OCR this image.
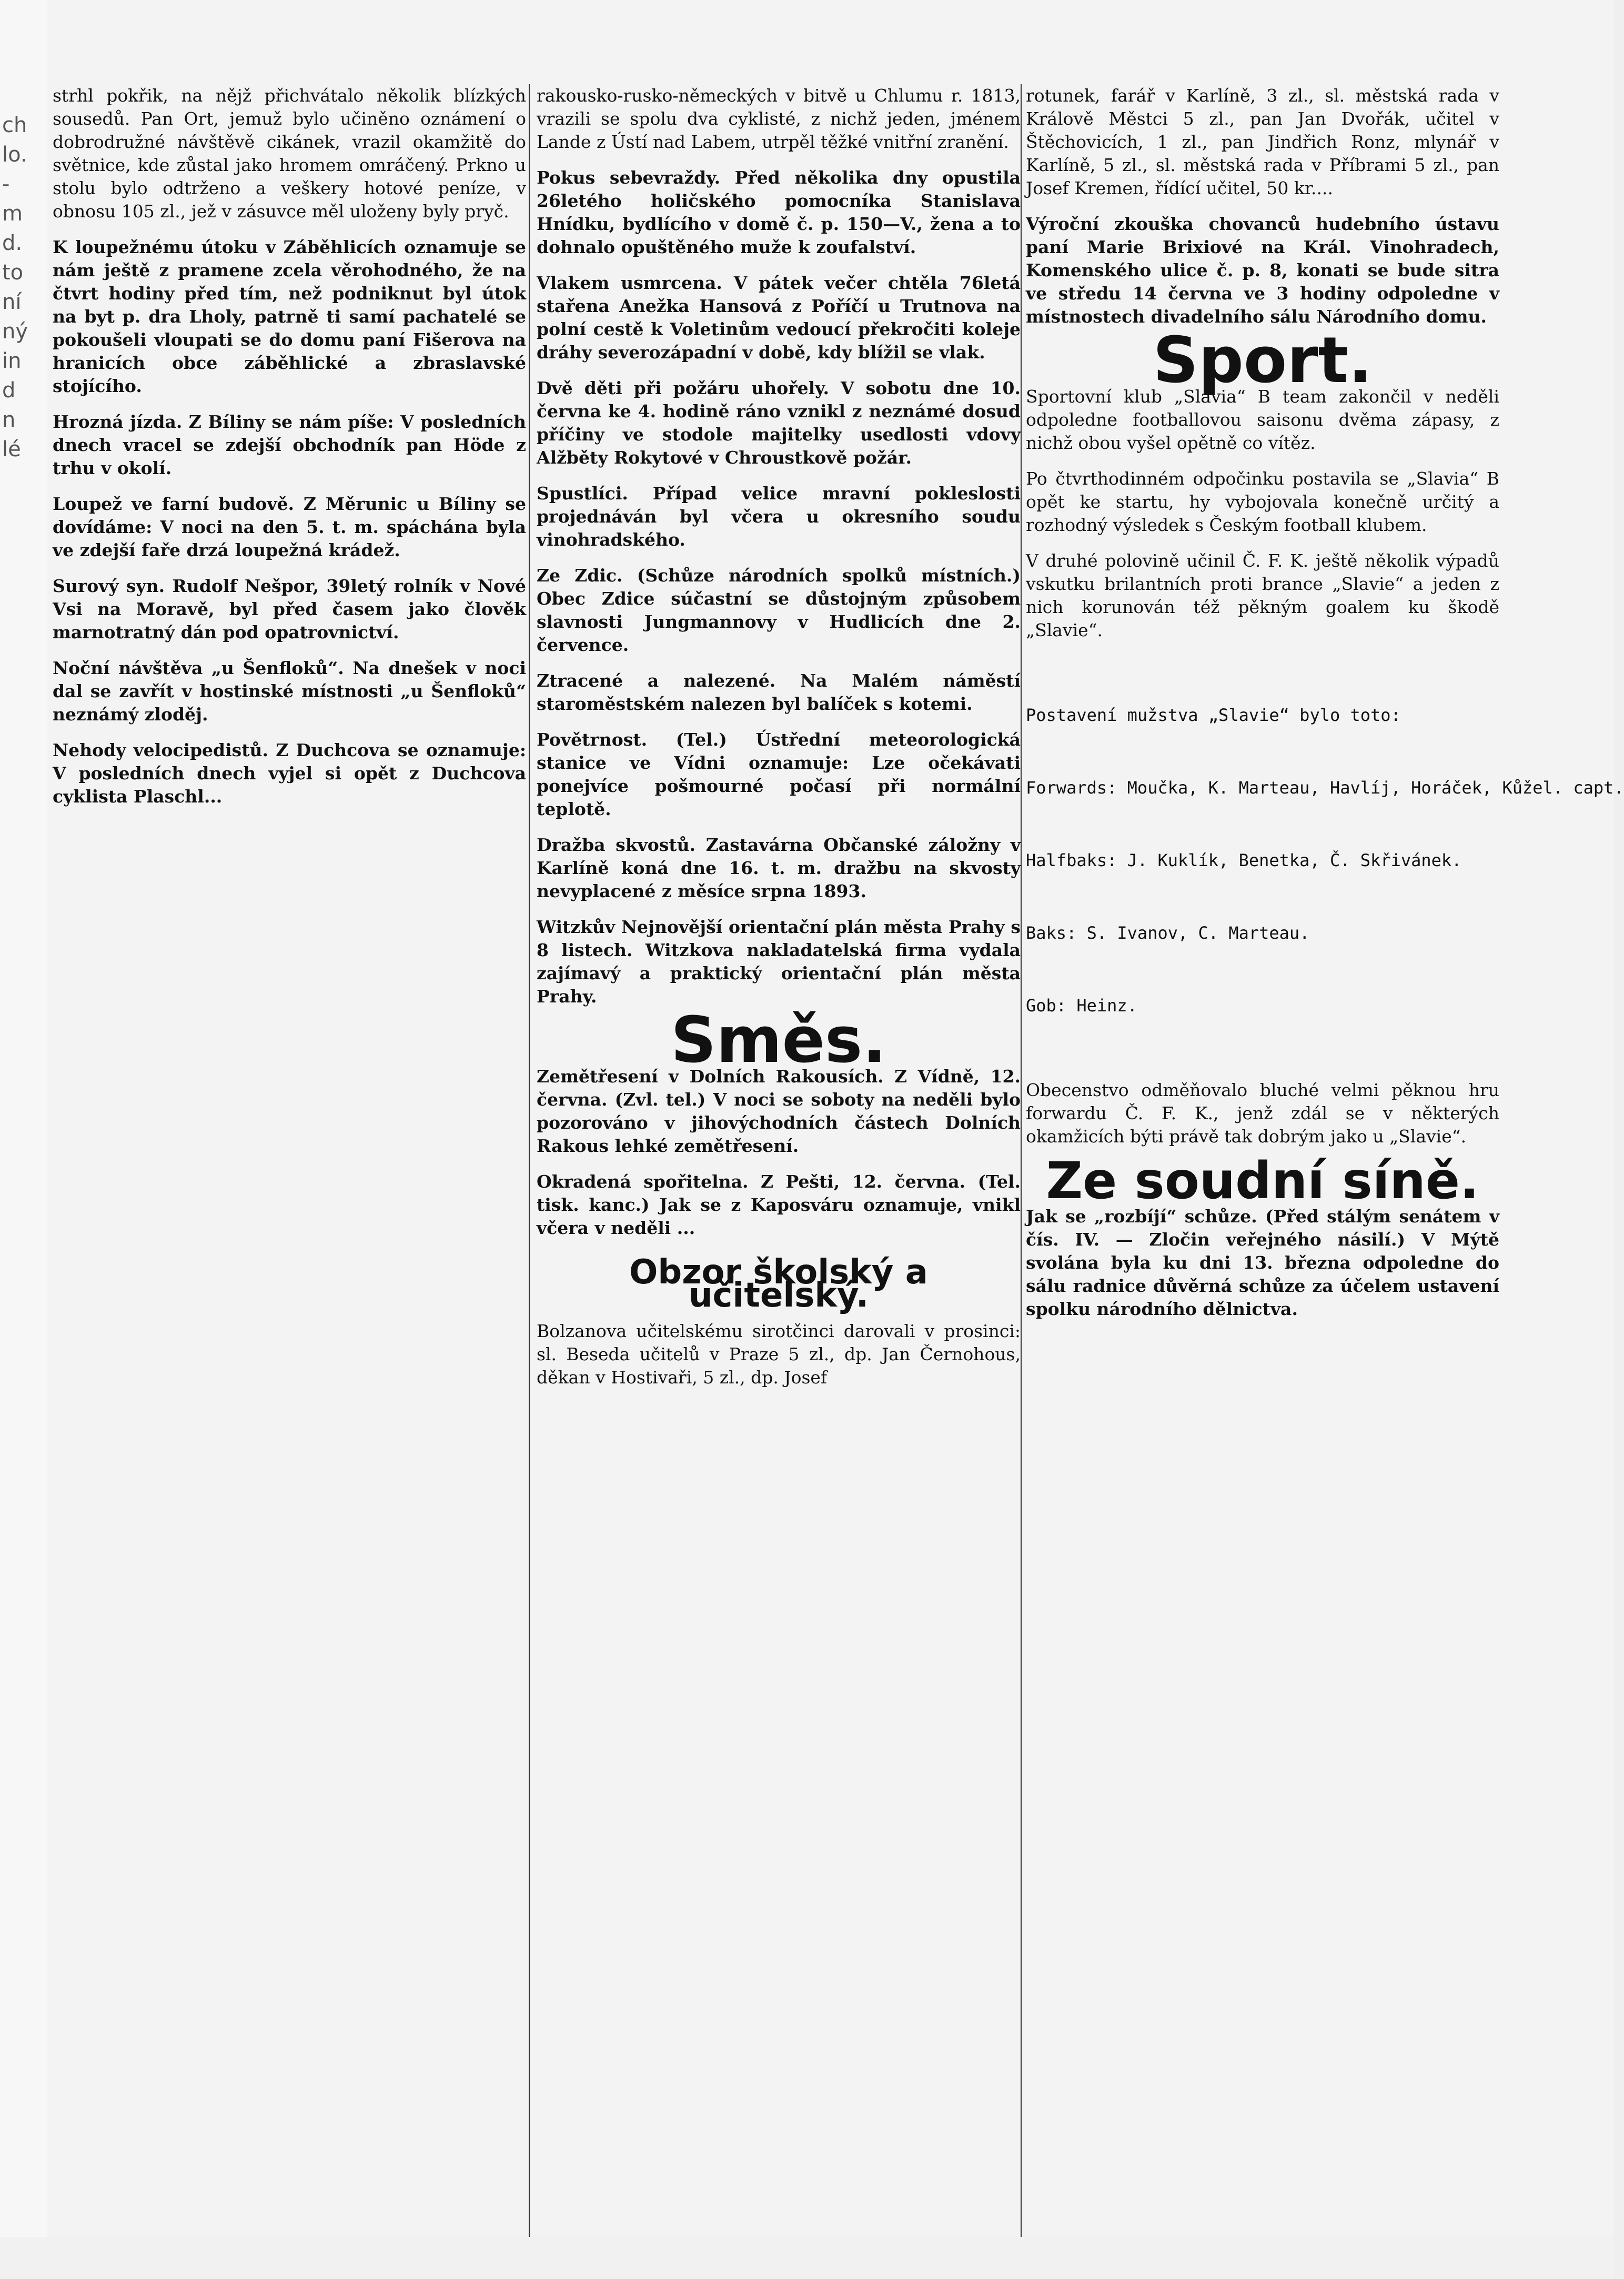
ch
lo.
-
m
d.
to
ní
ný
in
d
n
lé

strhl pokřik, na nějž přichvátalo několik blízkých sousedů. Pan Ort, jemuž bylo učiněno oznámení o dobrodružné návštěvě cikánek, vrazil okamžitě do světnice, kde zůstal jako hromem omráčený. Prkno u stolu bylo odtrženo a veškery hotové peníze, v obnosu 105 zl., jež v zásuvce měl uloženy byly pryč.

K loupežnému útoku v Záběhlicích oznamuje se nám ještě z pramene zcela věrohodného, že na čtvrt hodiny před tím, než podniknut byl útok na byt p. dra Lholy, patrně ti samí pachatelé se pokoušeli vloupati se do domu paní Fišerova na hranicích obce záběhlické a zbraslavské stojícího.

Hrozná jízda. Z Bíliny se nám píše: V posledních dnech vracel se zdejší obchodník pan Höde z trhu v okolí.

Loupež ve farní budově. Z Měrunic u Bíliny se dovídáme: V noci na den 5. t. m. spáchána byla ve zdejší faře drzá loupežná krádež.

Surový syn. Rudolf Nešpor, 39letý rolník v Nové Vsi na Moravě, byl před časem jako člověk marnotratný dán pod opatrovnictví.

Noční návštěva „u Šenfloků“. Na dnešek v noci dal se zavřít v hostinské místnosti „u Šenfloků“ neznámý zloděj.

Nehody velocipedistů. Z Duchcova se oznamuje: V posledních dnech vyjel si opět z Duchcova cyklista Plaschl...

rakousko-rusko-německých v bitvě u Chlumu r. 1813, vrazili se spolu dva cyklisté, z nichž jeden, jménem Lande z Ústí nad Labem, utrpěl těžké vnitřní zranění.

Pokus sebevraždy. Před několika dny opustila 26letého holičského pomocníka Stanislava Hnídku, bydlícího v domě č. p. 150—V., žena a to dohnalo opuštěného muže k zoufalství.

Vlakem usmrcena. V pátek večer chtěla 76letá stařena Anežka Hansová z Poříčí u Trutnova na polní cestě k Voletinům vedoucí překročiti koleje dráhy severozápadní v době, kdy blížil se vlak.

Dvě děti při požáru uhořely. V sobotu dne 10. června ke 4. hodině ráno vznikl z neznámé dosud příčiny ve stodole majitelky usedlosti vdovy Alžběty Rokytové v Chroustkově požár.

Spustlíci. Případ velice mravní pokleslosti projednáván byl včera u okresního soudu vinohradského.

Ze Zdic. (Schůze národních spolků místních.) Obec Zdice súčastní se důstojným způsobem slavnosti Jungmannovy v Hudlicích dne 2. července.

Ztracené a nalezené. Na Malém náměstí staroměstském nalezen byl balíček s kotemi.

Povětrnost. (Tel.) Ústřední meteorologická stanice ve Vídni oznamuje: Lze očekávati ponejvíce pošmourné počasí při normální teplotě.

Dražba skvostů. Zastavárna Občanské záložny v Karlíně koná dne 16. t. m. dražbu na skvosty nevyplacené z měsíce srpna 1893.

Witzkův Nejnovější orientační plán města Prahy s 8 listech. Witzkova nakladatelská firma vydala zajímavý a praktický orientační plán města Prahy.

Směs.

Zemětřesení v Dolních Rakousích. Z Vídně, 12. června. (Zvl. tel.) V noci se soboty na neděli bylo pozorováno v jihovýchodních částech Dolních Rakous lehké zemětřesení.

Okradená spořitelna. Z Pešti, 12. června. (Tel. tisk. kanc.) Jak se z Kaposváru oznamuje, vnikl včera v neděli ...

Obzor školský a učitelský.

Bolzanova učitelskému sirotčinci darovali v prosinci: sl. Beseda učitelů v Praze 5 zl., dp. Jan Černohous, děkan v Hostivaři, 5 zl., dp. Josef

rotunek, farář v Karlíně, 3 zl., sl. městská rada v Králově Městci 5 zl., pan Jan Dvořák, učitel v Štěchovicích, 1 zl., pan Jindřich Ronz, mlynář v Karlíně, 5 zl., sl. městská rada v Příbrami 5 zl., pan Josef Kremen, řídící učitel, 50 kr....

Výroční zkouška chovanců hudebního ústavu paní Marie Brixiové na Král. Vinohradech, Komenského ulice č. p. 8, konati se bude sitra ve středu 14 června ve 3 hodiny odpoledne v místnostech divadelního sálu Národního domu.

Sport.

Sportovní klub „Slavia“ B team zakončil v neděli odpoledne footballovou saisonu dvěma zápasy, z nichž obou vyšel opětně co vítěz.

Po čtvrthodinném odpočinku postavila se „Slavia“ B opět ke startu, hy vybojovala konečně určitý a rozhodný výsledek s Českým football klubem.

V druhé polovině učinil Č. F. K. ještě několik výpadů vskutku brilantních proti brance „Slavie“ a jeden z nich korunován též pěkným goalem ku škodě „Slavie“.

Postavení mužstva „Slavie“ bylo toto:

Forwards: Moučka, K. Marteau, Havlíj, Horáček, Kůžel. capt.

Halfbaks: J. Kuklík, Benetka, Č. Skřivánek.

Baks: S. Ivanov, C. Marteau.

Gob: Heinz.

Obecenstvo odměňovalo bluché velmi pěknou hru forwardu Č. F. K., jenž zdál se v některých okamžicích býti právě tak dobrým jako u „Slavie“.

Ze soudní síně.

Jak se „rozbíjí“ schůze. (Před stálým senátem v čís. IV. — Zločin veřejného násilí.) V Mýtě svolána byla ku dni 13. března odpoledne do sálu radnice důvěrná schůze za účelem ustavení spolku národního dělnictva.
